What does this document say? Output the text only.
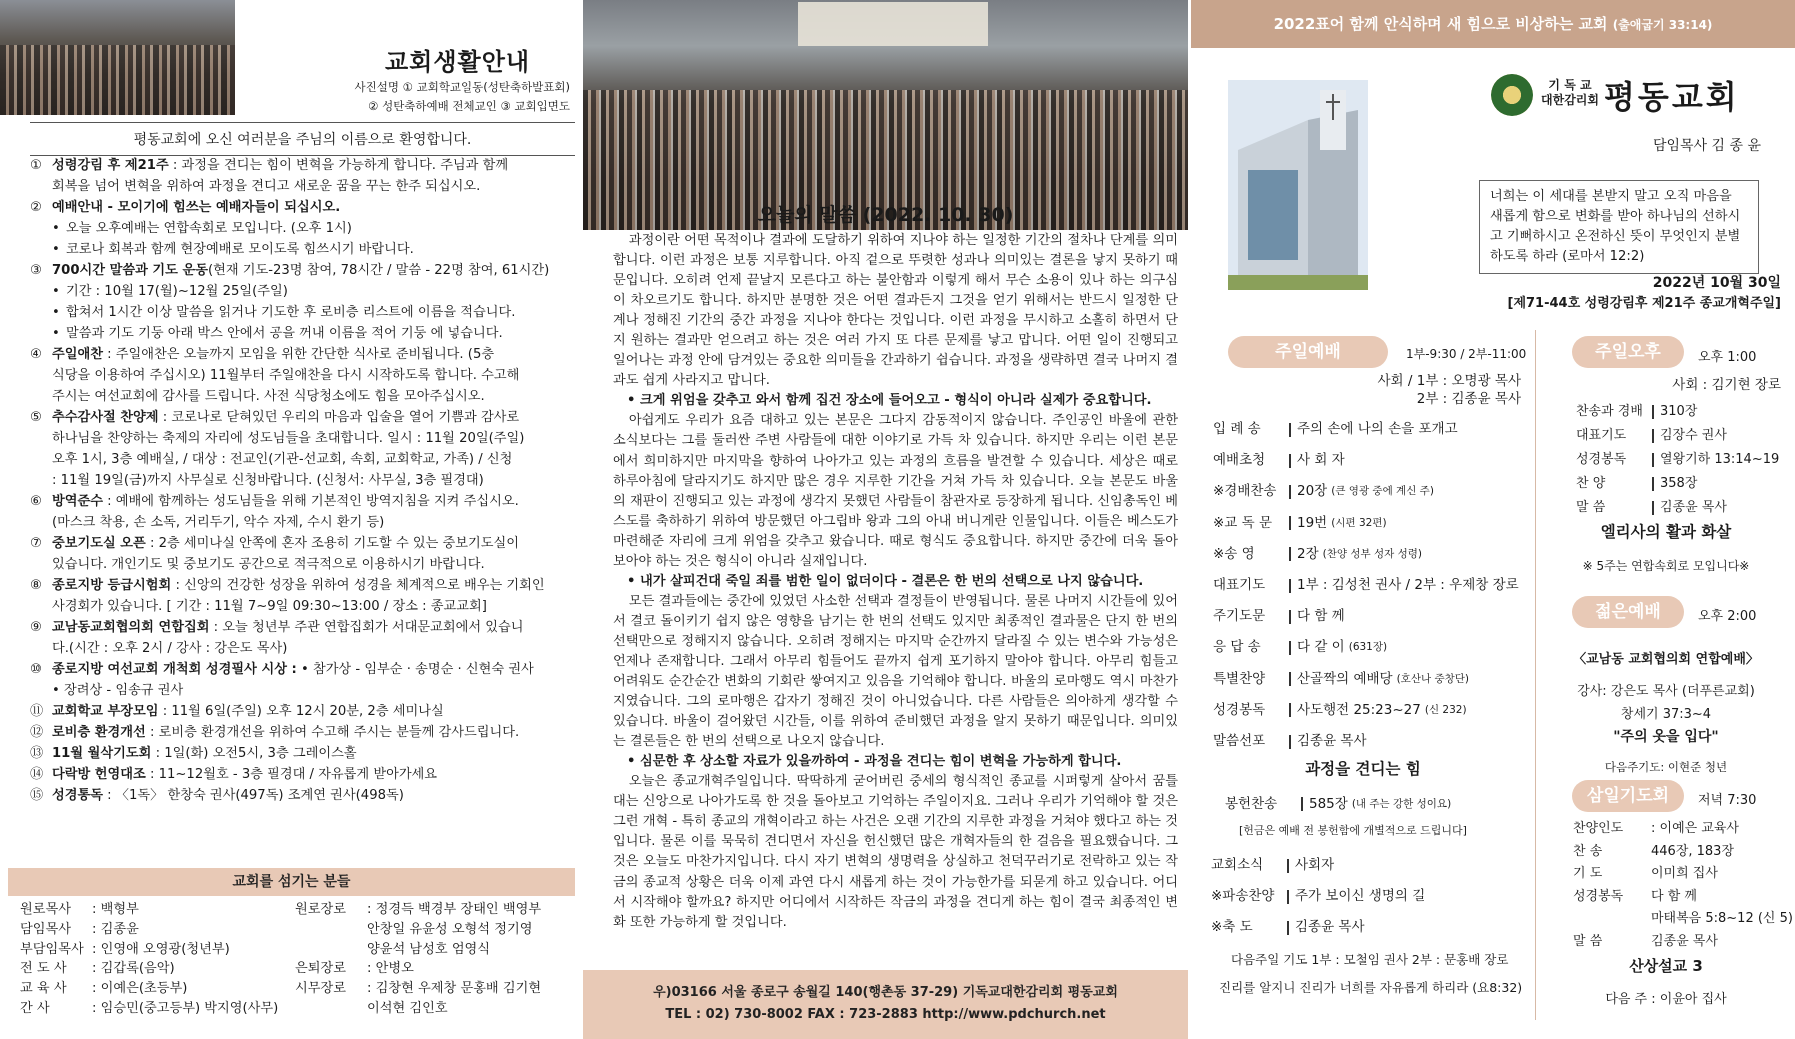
교회생활안내
사진설명 ① 교회학교일동(성탄축하발표회)
② 성탄축하예배 전체교인 ③ 교회입면도
평동교회에 오신 여러분을 주님의 이름으로 환영합니다.
① 성령강림 후 제21주 : 과정을 견디는 힘이 변혁을 가능하게 합니다. 주님과 함께
회복을 넘어 변혁을 위하여 과정을 견디고 새로운 꿈을 꾸는 한주 되십시오.
② 예배안내 - 모이기에 힘쓰는 예배자들이 되십시오.
• 오늘 오후예배는 연합속회로 모입니다. (오후 1시)
• 코로나 회복과 함께 현장예배로 모이도록 힘쓰시기 바랍니다.
③ 700시간 말씀과 기도 운동(현재 기도-23명 참여, 78시간 / 말씀 - 22명 참여, 61시간)
• 기간 : 10월 17(월)~12월 25일(주일)
• 합쳐서 1시간 이상 말씀을 읽거나 기도한 후 로비층 리스트에 이름을 적습니다.
• 말씀과 기도 기둥 아래 박스 안에서 공을 꺼내 이름을 적어 기둥 에 넣습니다.
④ 주일애찬 : 주일애찬은 오늘까지 모임을 위한 간단한 식사로 준비됩니다. (5충
식당을 이용하여 주십시오) 11월부터 주일애찬을 다시 시작하도록 합니다. 수고해
주시는 여선교회에 감사를 드립니다. 사전 식당청소에도 힘을 모아주십시오.
⑤ 추수감사절 찬양제 : 코로나로 닫혀있던 우리의 마음과 입술을 열어 기쁨과 감사로
하나님을 찬양하는 축제의 자리에 성도님들을 초대합니다. 일시 : 11월 20일(주일)
오후 1시, 3층 예배실, / 대상 : 전교인(기관-선교회, 속회, 교회학교, 가족) / 신청
: 11월 19일(금)까지 사무실로 신청바랍니다. (신청서: 사무실, 3층 필경대)
⑥ 방역준수 : 예배에 함께하는 성도님들을 위해 기본적인 방역지침을 지켜 주십시오.
(마스크 착용, 손 소독, 거리두기, 악수 자제, 수시 환기 등)
⑦ 중보기도실 오픈 : 2층 세미나실 안쪽에 혼자 조용히 기도할 수 있는 중보기도실이
있습니다. 개인기도 및 중보기도 공간으로 적극적으로 이용하시기 바랍니다.
⑧ 종로지방 등급시험회 : 신앙의 건강한 성장을 위하여 성경을 체계적으로 배우는 기회인
사경회가 있습니다. [ 기간 : 11월 7~9일 09:30~13:00 / 장소 : 종교교회]
⑨ 교남동교회협의회 연합집회 : 오늘 청년부 주관 연합집회가 서대문교회에서 있습니
다.(시간 : 오후 2시 / 강사 : 강은도 목사)
⑩ 종로지방 여선교회 개척회 성경필사 시상 : • 참가상 - 임부순 · 송명순 · 신현숙 권사
• 장려상 - 임송규 권사
⑪ 교회학교 부장모임 : 11월 6일(주일) 오후 12시 20분, 2층 세미나실
⑫ 로비층 환경개선 : 로비층 환경개선을 위하여 수고해 주시는 분들께 감사드립니다.
⑬ 11월 월삭기도회 : 1일(화) 오전5시, 3층 그레이스홀
⑭ 다락방 헌영대조 : 11~12월호 - 3층 필경대 / 자유롭게 받아가세요
⑮ 성경통독 : 〈1독〉 한창숙 권사(497독) 조계연 권사(498독)
교회를 섬기는 분들
원로목사	: 백형부
담임목사	: 김종윤
부담임목사 : 인영애 오영광(청년부)
전 도 사	: 김갑록(음악)
교 육 사	: 이예은(초등부)
간 사	: 임승민(중고등부) 박지영(사무)
원로장로	: 정경득 백경부 장태인 백영부
안창일 유윤성 오형석 정기영
양윤석 남성호 엄영식
은퇴장로	: 안병오
시무장로	: 김창현 우제창 문홍배 김기현
이석현 김인호
오늘의 말씀 (2022. 10. 30)

과정이란 어떤 목적이나 결과에 도달하기 위하여 지나야 하는 일정한 기간의 절차나 단계를 의미합니다. 이런 과정은 보통 지루합니다. 아직 겉으로 뚜렷한 성과나 의미있는 결론을 낳지 못하기 때문입니다. 오히려 언제 끝날지 모른다고 하는 불안함과 이렇게 해서 무슨 소용이 있나 하는 의구심이 차오르기도 합니다. 하지만 분명한 것은 어떤 결과든지 그것을 얻기 위해서는 반드시 일정한 단계나 정해진 기간의 중간 과정을 지나야 한다는 것입니다. 이런 과정을 무시하고 소홀히 하면서 단지 원하는 결과만 얻으려고 하는 것은 여러 가지 또 다른 문제를 낳고 맙니다. 어떤 일이 진행되고 일어나는 과정 안에 담겨있는 중요한 의미들을 간과하기 쉽습니다. 과정을 생략하면 결국 나머지 결과도 쉽게 사라지고 맙니다.

• 크게 위엄을 갖추고 와서 함께 집건 장소에 들어오고 - 형식이 아니라 실제가 중요합니다.

아쉽게도 우리가 요즘 대하고 있는 본문은 그다지 감동적이지 않습니다. 주인공인 바울에 관한 소식보다는 그를 둘러싼 주변 사람들에 대한 이야기로 가득 차 있습니다. 하지만 우리는 이런 본문에서 희미하지만 마지막을 향하여 나아가고 있는 과정의 흐름을 발견할 수 있습니다. 세상은 때로 하루아침에 달라지기도 하지만 많은 경우 지루한 기간을 거쳐 가득 차 있습니다. 오늘 본문도 바울의 재판이 진행되고 있는 과정에 생각지 못했던 사람들이 참관자로 등장하게 됩니다. 신임총독인 베스도를 축하하기 위하여 방문했던 아그립바 왕과 그의 아내 버니게란 인물입니다. 이들은 베스도가 마련해준 자리에 크게 위엄을 갖추고 왔습니다. 때로 형식도 중요합니다. 하지만 중간에 더욱 돌아보아야 하는 것은 형식이 아니라 실재입니다.

• 내가 살피건대 죽일 죄를 범한 일이 없더이다 - 결론은 한 번의 선택으로 나지 않습니다.

모든 결과들에는 중간에 있었던 사소한 선택과 결정들이 반영됩니다. 물론 나머지 시간들에 있어서 결코 돌이키기 쉽지 않은 영향을 남기는 한 번의 선택도 있지만 최종적인 결과물은 단지 한 번의 선택만으로 정해지지 않습니다. 오히려 정해지는 마지막 순간까지 달라질 수 있는 변수와 가능성은 언제나 존재합니다. 그래서 아무리 힘들어도 끝까지 쉽게 포기하지 말아야 합니다. 아무리 힘들고 어려워도 순간순간 변화의 기회란 쌓여지고 있음을 기억해야 합니다. 바울의 로마행도 역시 마찬가지였습니다. 그의 로마행은 갑자기 정해진 것이 아니었습니다. 다른 사람들은 의아하게 생각할 수 있습니다. 바울이 걸어왔던 시간들, 이를 위하여 준비했던 과정을 알지 못하기 때문입니다. 의미있는 결론들은 한 번의 선택으로 나오지 않습니다.

• 심문한 후 상소할 자료가 있을까하여 - 과정을 견디는 힘이 변혁을 가능하게 합니다.

오늘은 종교개혁주일입니다. 딱딱하게 굳어버린 중세의 형식적인 종교를 시퍼렇게 살아서 꿈틀대는 신앙으로 나아가도록 한 것을 돌아보고 기억하는 주일이지요. 그러나 우리가 기억해야 할 것은 그런 개혁 - 특히 종교의 개혁이라고 하는 사건은 오랜 기간의 지루한 과정을 거쳐야 했다고 하는 것입니다. 물론 이를 묵묵히 견디면서 자신을 헌신했던 많은 개혁자들의 한 걸음을 필요했습니다. 그것은 오늘도 마찬가지입니다. 다시 자기 변혁의 생명력을 상실하고 천덕꾸러기로 전락하고 있는 작금의 종교적 상황은 더욱 이제 과연 다시 새롭게 하는 것이 가능한가를 되묻게 하고 있습니다. 어디서 시작해야 할까요? 하지만 어디에서 시작하든 작금의 과정을 견디게 하는 힘이 결국 최종적인 변화 또한 가능하게 할 것입니다.

우)03166 서울 종로구 송월길 140(행촌동 37-29) 기독교대한감리회 평동교회
TEL : 02) 730-8002 FAX : 723-2883 http://www.pdchurch.net
2022표어 함께 안식하며 새 힘으로 비상하는 교회 (출애굽기 33:14)
기 독 교
대한감리회 평동교회
담임목사 김 종 윤
너희는 이 세대를 본받지 말고 오직 마음을 새롭게 함으로 변화를 받아 하나님의 선하시고 기뻐하시고 온전하신 뜻이 무엇인지 분별하도록 하라 (로마서 12:2)
2022년 10월 30일
[제71-44호 성령강림후 제21주 종교개혁주일]
주일예배	1부-9:30 / 2부-11:00
사회 / 1부 : 오명광 목사
2부 : 김종윤 목사
입 례 송	주의 손에 나의 손을 포개고
예배초청	사 회 자
※경배찬송	20장 (큰 영광 중에 계신 주)
※교 독 문	19번 (시편 32편)
※송 영	2장 (찬양 성부 성자 성령)
대표기도	1부 : 김성천 권사 / 2부 : 우제창 장로
주기도문	다 함 께
응 답 송	다 같 이 (631장)
특별찬양	산골짝의 예배당 (호산나 중창단)
성경봉독	사도행전 25:23~27 (신 232)
말씀선포	김종윤 목사
과정을 견디는 힘
봉헌찬송	585장 (내 주는 강한 성이요)
[헌금은 예배 전 봉헌함에 개별적으로 드립니다]
교회소식	사회자
※파송찬양	주가 보이신 생명의 길
※축 도	김종윤 목사
다음주일 기도 1부 : 모철임 권사 2부 : 문홍배 장로
진리를 알지니 진리가 너희를 자유롭게 하리라 (요8:32)
주일오후	오후 1:00
사회 : 김기현 장로
찬송과 경배 310장
대표기도	김장수 권사
성경봉독	열왕기하 13:14~19
찬 양	358장
말 씀	김종윤 목사
엘리사의 활과 화살
※ 5주는 연합속회로 모입니다※
젊은예배	오후 2:00
〈교남동 교회협의회 연합예배〉
강사: 강은도 목사 (더푸른교회)
창세기 37:3~4
"주의 옷을 입다"
다음주기도: 이현준 청년
삼일기도회	저녁 7:30
찬양인도	: 이예은 교육사
찬 송	446장, 183장
기 도	이미희 집사
성경봉독	다 함 께
마태복음 5:8~12 (신 5)
말 씀	김종윤 목사
산상설교 3
다음 주 : 이윤아 집사
